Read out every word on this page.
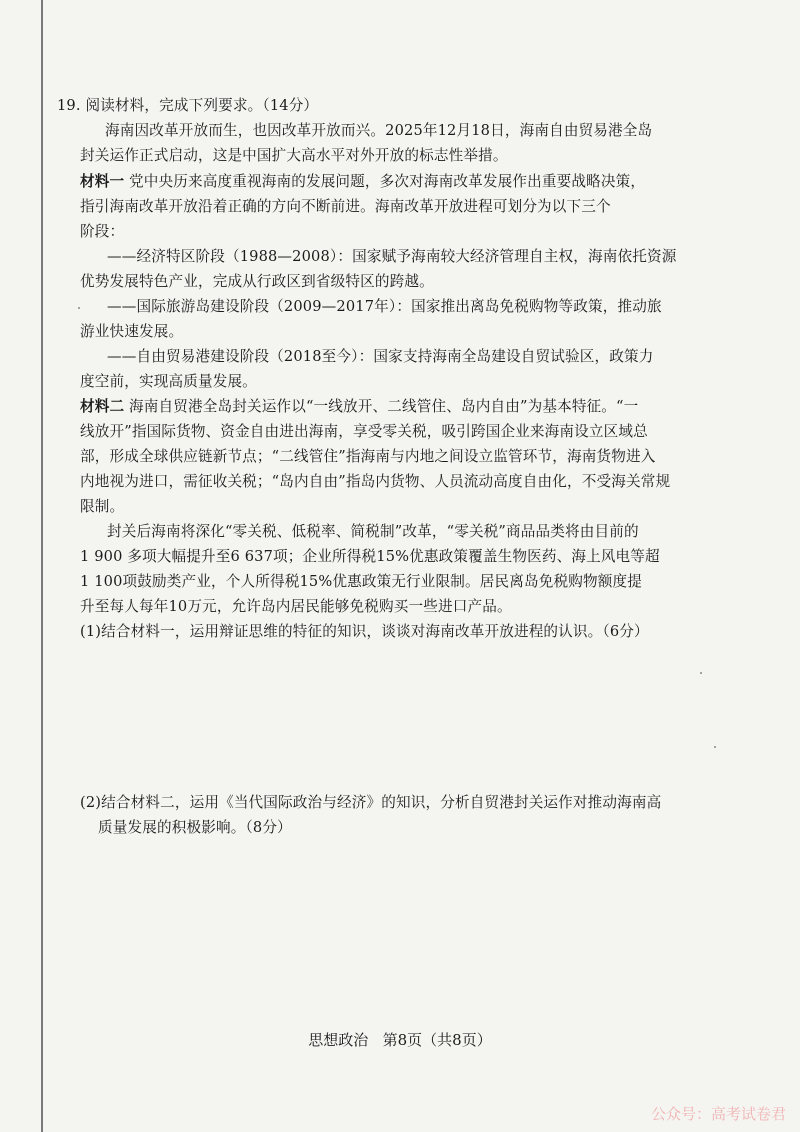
19. 阅读材料，完成下列要求。（14分）
海南因改革开放而生，也因改革开放而兴。2025年12月18日，海南自由贸易港全岛
封关运作正式启动，这是中国扩大高水平对外开放的标志性举措。
材料一 党中央历来高度重视海南的发展问题，多次对海南改革发展作出重要战略决策，
指引海南改革开放沿着正确的方向不断前进。海南改革开放进程可划分为以下三个
阶段：
——经济特区阶段（1988—2008）：国家赋予海南较大经济管理自主权，海南依托资源
优势发展特色产业，完成从行政区到省级特区的跨越。
——国际旅游岛建设阶段（2009—2017年）：国家推出离岛免税购物等政策，推动旅
游业快速发展。
——自由贸易港建设阶段（2018至今）：国家支持海南全岛建设自贸试验区，政策力
度空前，实现高质量发展。
材料二 海南自贸港全岛封关运作以“一线放开、二线管住、岛内自由”为基本特征。“一
线放开”指国际货物、资金自由进出海南，享受零关税，吸引跨国企业来海南设立区域总
部，形成全球供应链新节点；“二线管住”指海南与内地之间设立监管环节，海南货物进入
内地视为进口，需征收关税；“岛内自由”指岛内货物、人员流动高度自由化，不受海关常规
限制。
封关后海南将深化“零关税、低税率、简税制”改革，“零关税”商品品类将由目前的
1 900 多项大幅提升至6 637项；企业所得税15%优惠政策覆盖生物医药、海上风电等超
1 100项鼓励类产业，个人所得税15%优惠政策无行业限制。居民离岛免税购物额度提
升至每人每年10万元，允许岛内居民能够免税购买一些进口产品。
(1)结合材料一，运用辩证思维的特征的知识，谈谈对海南改革开放进程的认识。（6分）
(2)结合材料二，运用《当代国际政治与经济》的知识，分析自贸港封关运作对推动海南高
质量发展的积极影响。（8分）
思想政治   第8页（共8页）
公众号：高考试卷君
